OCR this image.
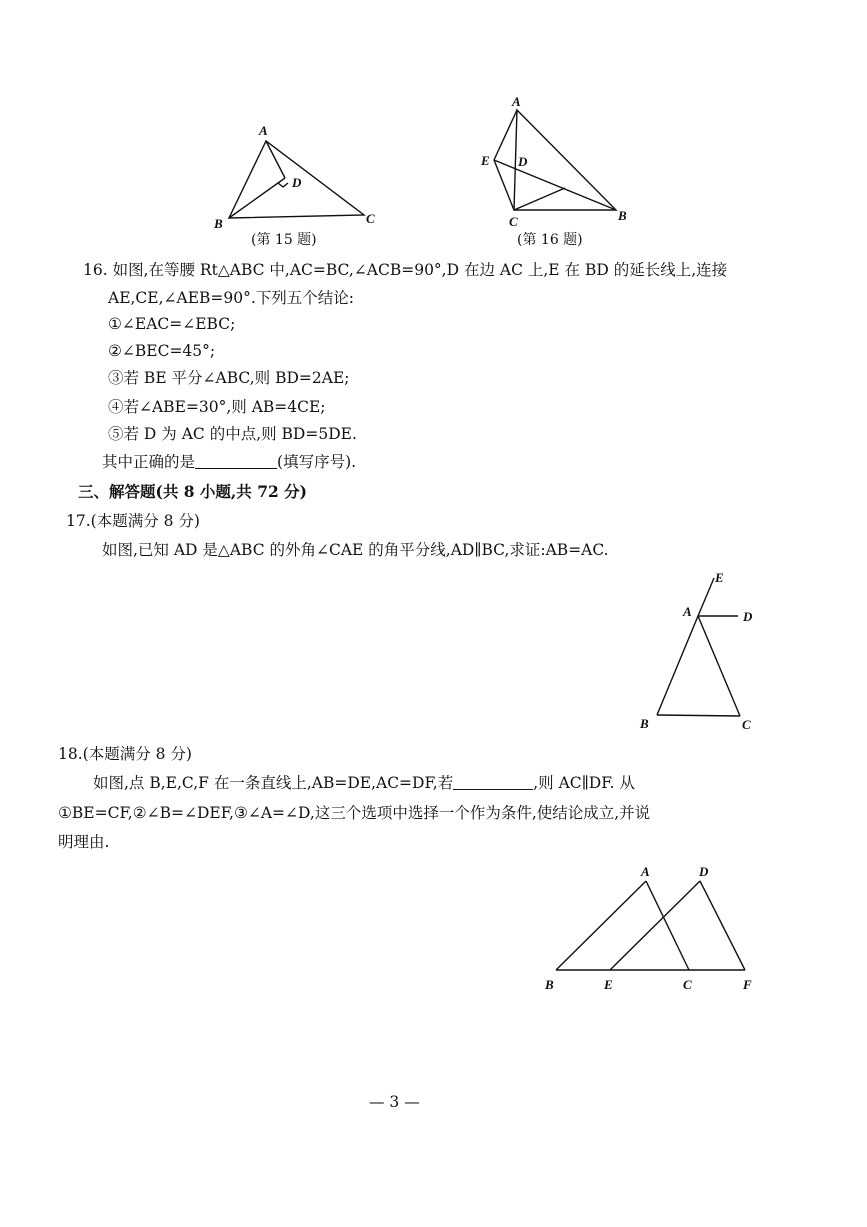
A
B	C
D
(第 15 题)
A
B
C
D
E
(第 16 题)
16. 如图,在等腰 Rt△ABC 中,AC=BC,∠ACB=90°,D 在边 AC 上,E 在 BD 的延长线上,连接
AE,CE,∠AEB=90°.下列五个结论:
①∠EAC=∠EBC;
②∠BEC=45°;
③若 BE 平分∠ABC,则 BD=2AE;
④若∠ABE=30°,则 AB=4CE;
⑤若 D 为 AC 的中点,则 BD=5DE.
其中正确的是	(填写序号).
三、解答题(共 8 小题,共 72 分)
17.(本题满分 8 分)
如图,已知 AD 是△ABC 的外角∠CAE 的角平分线,AD∥BC,求证:AB=AC.
E
A	D
B	C
18.(本题满分 8 分)
如图,点 B,E,C,F 在一条直线上,AB=DE,AC=DF,若	,则 AC∥DF. 从
①BE=CF,②∠B=∠DEF,③∠A=∠D,这三个选项中选择一个作为条件,使结论成立,并说
明理由.
A	D
B	E	C	F
— 3 —
